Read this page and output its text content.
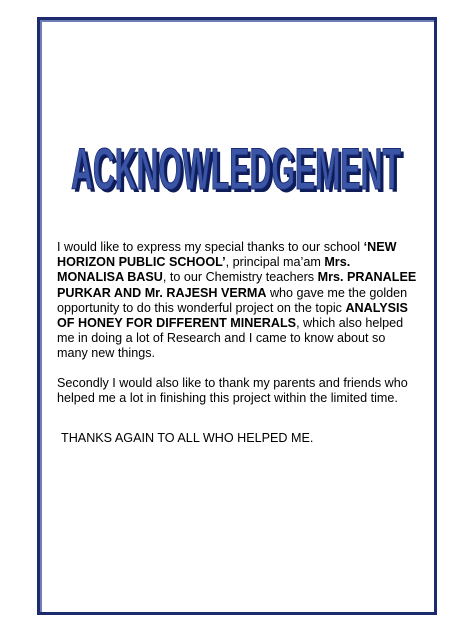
ACKNOWLEDGEMENT
ACKNOWLEDGEMENT

I would like to express my special thanks to our school ‘NEW HORIZON PUBLIC SCHOOL’, principal ma’am Mrs. MONALISA BASU, to our Chemistry teachers Mrs. PRANALEE PURKAR AND Mr. RAJESH VERMA who gave me the golden opportunity to do this wonderful project on the topic ANALYSIS OF HONEY FOR DIFFERENT MINERALS, which also helped me in doing a lot of Research and I came to know about so many new things.

Secondly I would also like to thank my parents and friends who helped me a lot in finishing this project within the limited time.

THANKS AGAIN TO ALL WHO HELPED ME.
